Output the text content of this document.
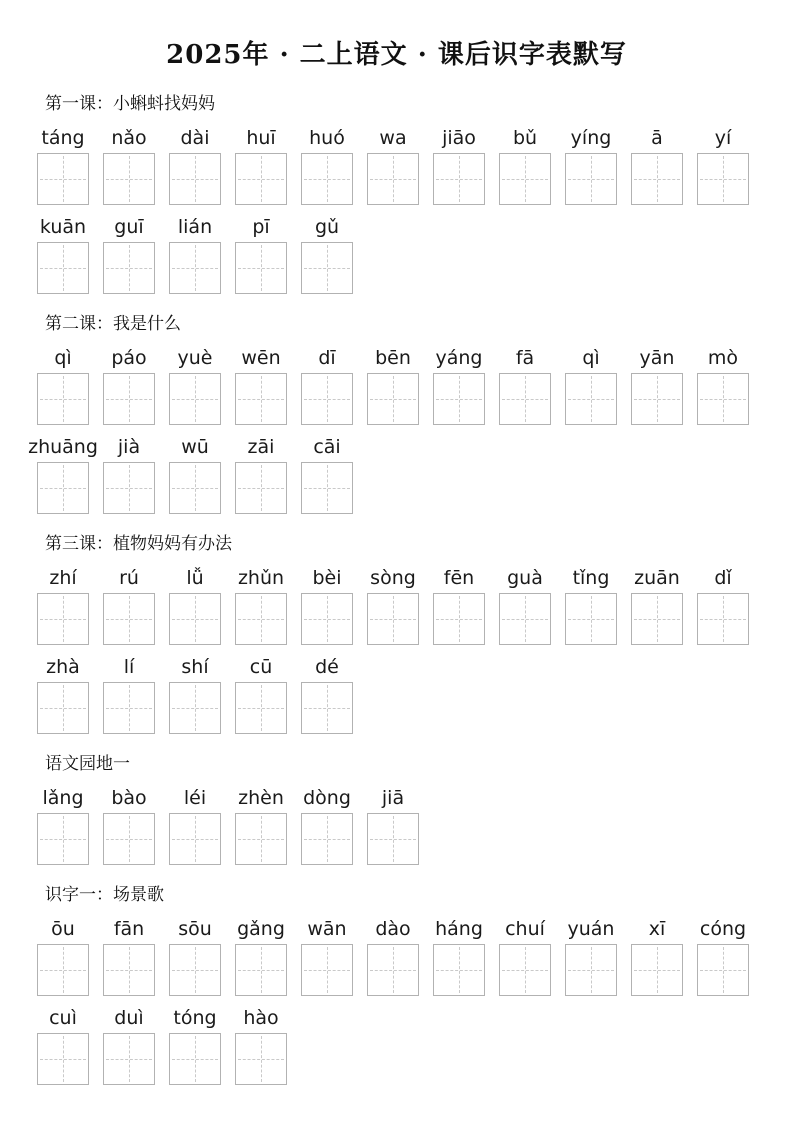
2025年 · 二上语文 · 课后识字表默写
第一课：小蝌蚪找妈妈
táng nǎo dài huī huó wa jiāo bǔ yíng ā	yí
kuān guī lián pī gǔ
第二课：我是什么
qì páo yuè wēn dī bēn yáng fā	qì yān mò
zhuāng jià wū zāi cāi
第三课：植物妈妈有办法
zhí rú lǚ zhǔn bèi sòng fēn guà tǐng zuān dǐ
zhà lí shí cū dé
语文园地一
lǎng bào léi zhèn dòng jiā
识字一：场景歌
ōu fān sōu gǎng wān dào háng chuí yuán xī cóng
cuì duì tóng hào
